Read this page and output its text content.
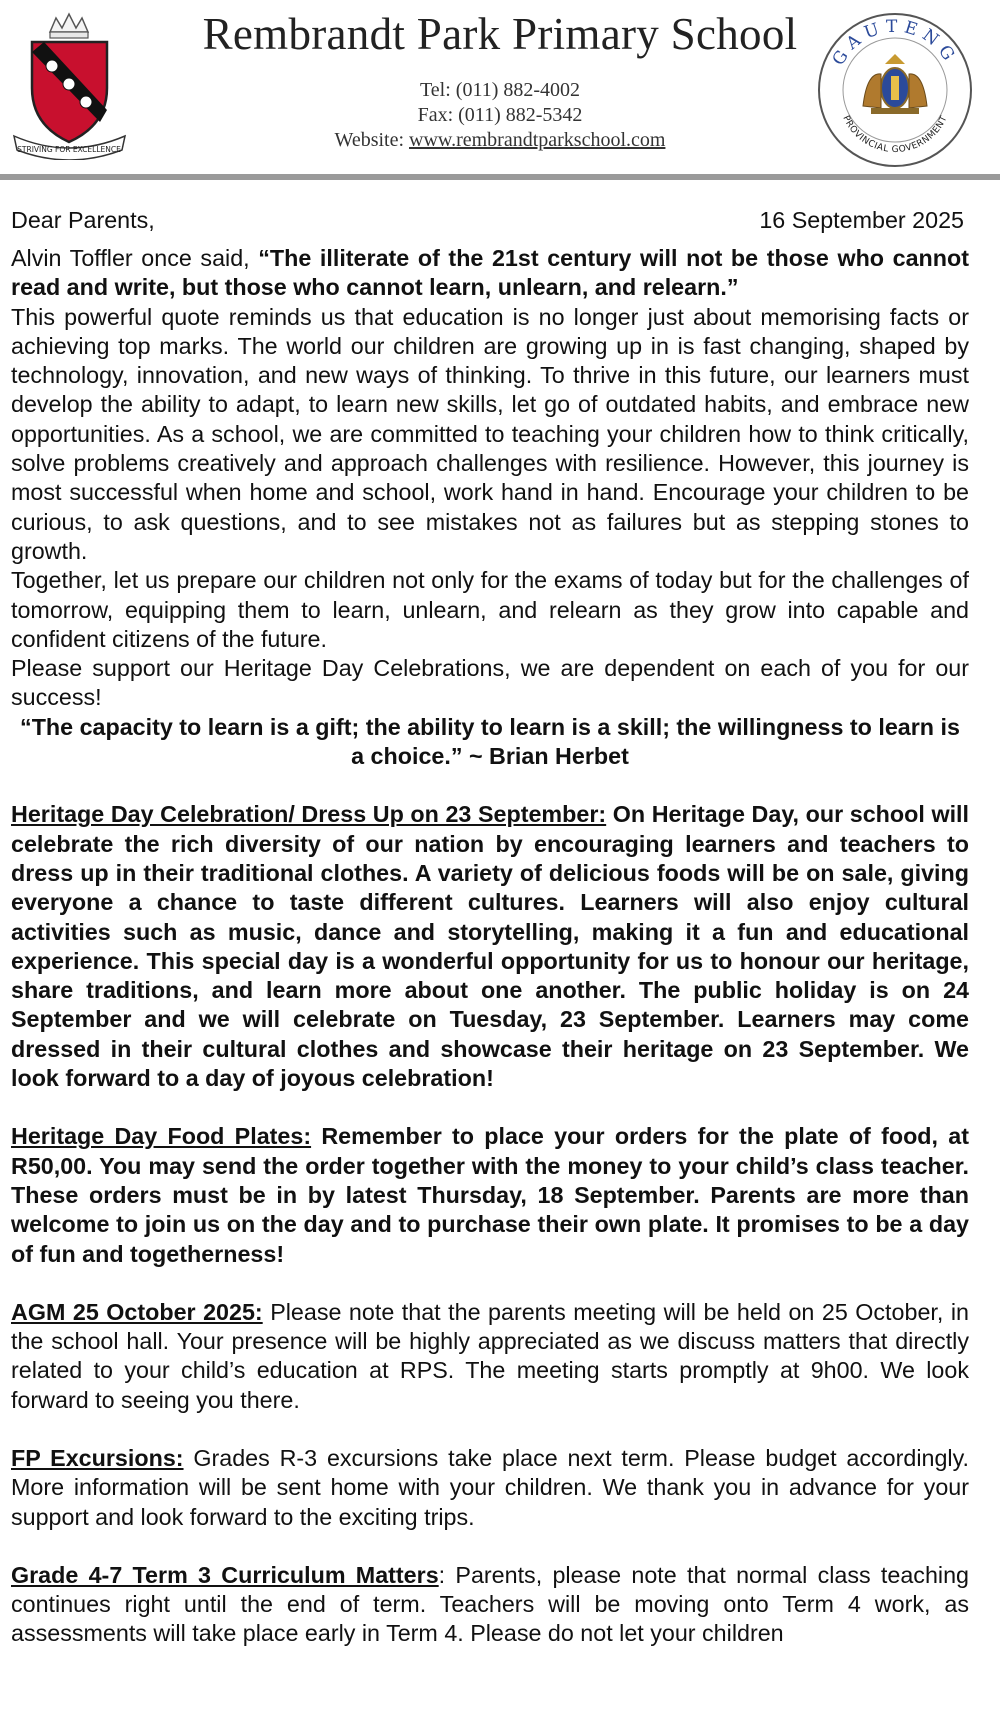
STRIVING FOR EXCELLENCE
Rembrandt Park Primary School
Tel: (011) 882-4002
Fax: (011) 882-5342
Website: www.rembrandtparkschool.com
GAUTENG
PROVINCIAL GOVERNMENT
Dear Parents,	16 September 2025

Alvin Toffler once said, “The illiterate of the 21st century will not be those who cannot read and write, but those who cannot learn, unlearn, and relearn.”

This powerful quote reminds us that education is no longer just about memorising facts or achieving top marks. The world our children are growing up in is fast changing, shaped by technology, innovation, and new ways of thinking. To thrive in this future, our learners must develop the ability to adapt, to learn new skills, let go of outdated habits, and embrace new opportunities. As a school, we are committed to teaching your children how to think critically, solve problems creatively and approach challenges with resilience. However, this journey is most successful when home and school, work hand in hand. Encourage your children to be curious, to ask questions, and to see mistakes not as failures but as stepping stones to growth.

Together, let us prepare our children not only for the exams of today but for the challenges of tomorrow, equipping them to learn, unlearn, and relearn as they grow into capable and confident citizens of the future.

Please support our Heritage Day Celebrations, we are dependent on each of you for our success!

“The capacity to learn is a gift; the ability to learn is a skill; the willingness to learn is a choice.” ~ Brian Herbet

Heritage Day Celebration/ Dress Up on 23 September: On Heritage Day, our school will celebrate the rich diversity of our nation by encouraging learners and teachers to dress up in their traditional clothes. A variety of delicious foods will be on sale, giving everyone a chance to taste different cultures. Learners will also enjoy cultural activities such as music, dance and storytelling, making it a fun and educational experience. This special day is a wonderful opportunity for us to honour our heritage, share traditions, and learn more about one another. The public holiday is on 24 September and we will celebrate on Tuesday, 23 September. Learners may come dressed in their cultural clothes and showcase their heritage on 23 September. We look forward to a day of joyous celebration!

Heritage Day Food Plates: Remember to place your orders for the plate of food, at R50,00. You may send the order together with the money to your child’s class teacher. These orders must be in by latest Thursday, 18 September. Parents are more than welcome to join us on the day and to purchase their own plate. It promises to be a day of fun and togetherness!

AGM 25 October 2025: Please note that the parents meeting will be held on 25 October, in the school hall. Your presence will be highly appreciated as we discuss matters that directly related to your child’s education at RPS. The meeting starts promptly at 9h00. We look forward to seeing you there.

FP Excursions: Grades R-3 excursions take place next term. Please budget accordingly. More information will be sent home with your children. We thank you in advance for your support and look forward to the exciting trips.

Grade 4-7 Term 3 Curriculum Matters: Parents, please note that normal class teaching continues right until the end of term. Teachers will be moving onto Term 4 work, as assessments will take place early in Term 4. Please do not let your children
